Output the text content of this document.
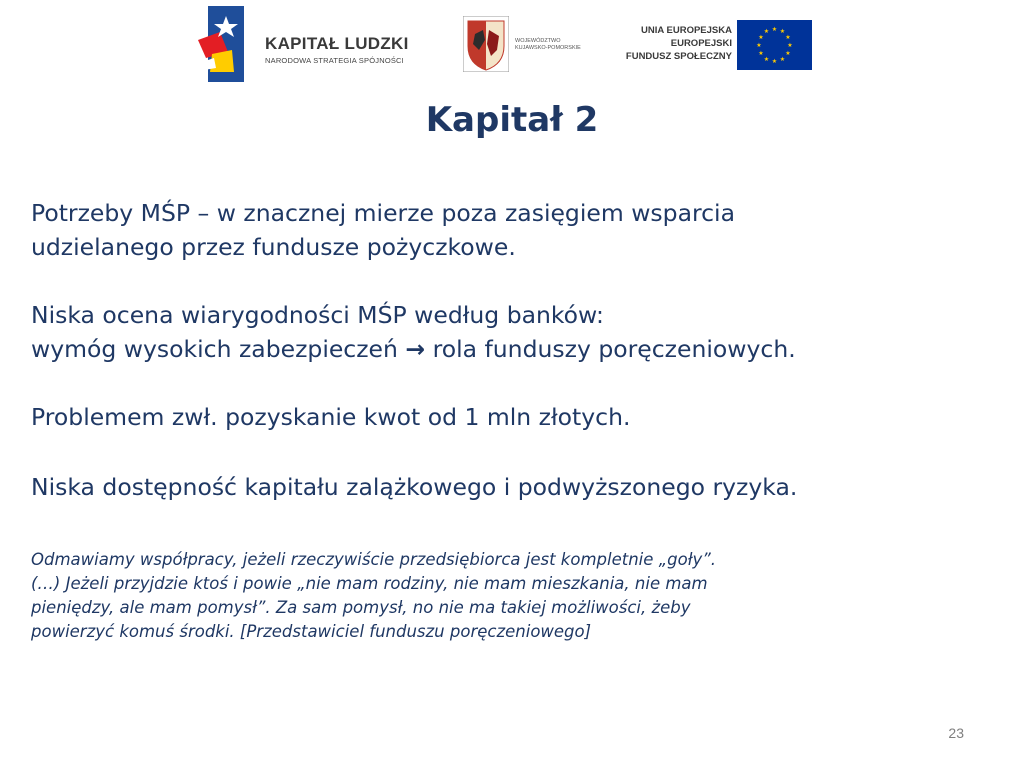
KAPITAŁ LUDZKI
NARODOWA STRATEGIA SPÓJNOŚCI
WOJEWÓDZTWO
KUJAWSKO-POMORSKIE
UNIA EUROPEJSKA
EUROPEJSKI
FUNDUSZ SPOŁECZNY
★ ★
★
★
★
★
★
★
★
★
★
★
Kapitał 2
Potrzeby MŚP – w znacznej mierze poza zasięgiem wsparcia
udzielanego przez fundusze pożyczkowe.
Niska ocena wiarygodności MŚP według banków:
wymóg wysokich zabezpieczeń → rola funduszy poręczeniowych.
Problemem zwł. pozyskanie kwot od 1 mln złotych.
Niska dostępność kapitału zalążkowego i podwyższonego ryzyka.
Odmawiamy współpracy, jeżeli rzeczywiście przedsiębiorca jest kompletnie „goły”.
(…) Jeżeli przyjdzie ktoś i powie „nie mam rodziny, nie mam mieszkania, nie mam
pieniędzy, ale mam pomysł”. Za sam pomysł, no nie ma takiej możliwości, żeby
powierzyć komuś środki. [Przedstawiciel funduszu poręczeniowego]
23
